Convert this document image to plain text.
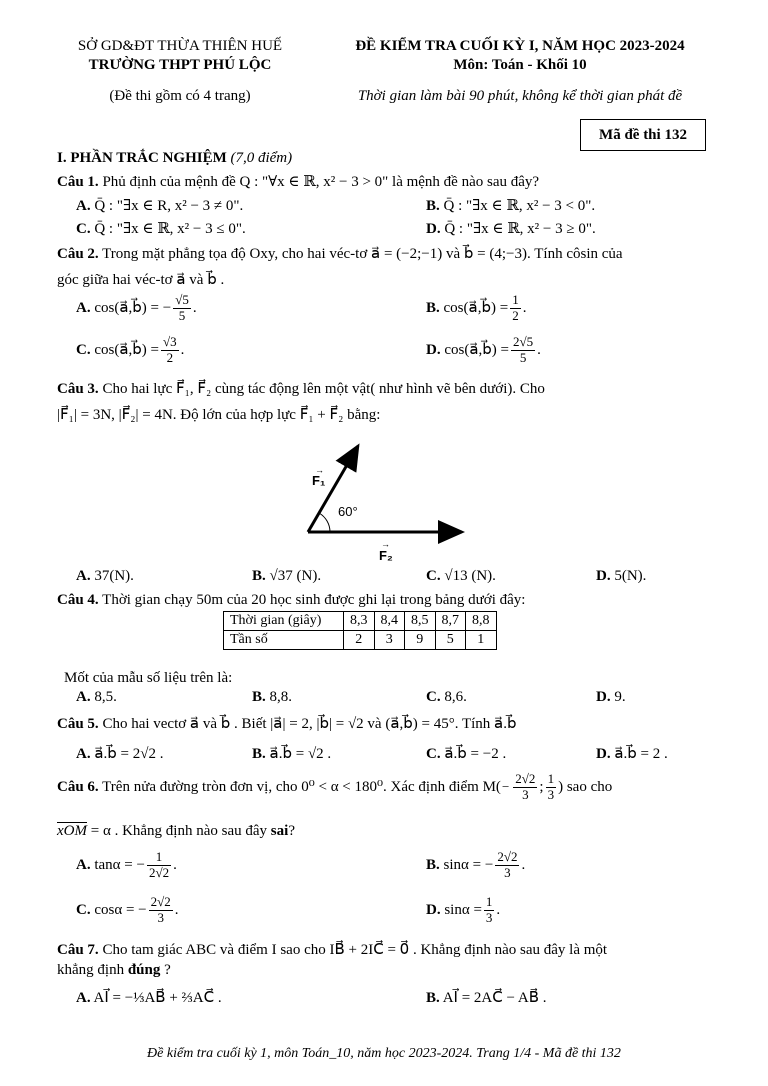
SỞ GD&ĐT THỪA THIÊN HUẾ
TRƯỜNG THPT PHÚ LỘC
(Đề thi gồm có 4 trang)
ĐỀ KIỂM TRA CUỐI KỲ I, NĂM HỌC 2023-2024
Môn: Toán - Khối 10
Thời gian làm bài 90 phút, không kể thời gian phát đề
Mã đề thi 132
I. PHẦN TRẮC NGHIỆM (7,0 điểm)
Câu 1. Phủ định của mệnh đề Q : "∀x ∈ ℝ, x² − 3 > 0" là mệnh đề nào sau đây?
A. Q̄ : "∃x ∈ R, x² − 3 ≠ 0".	B. Q̄ : "∃x ∈ ℝ, x² − 3 < 0".
C. Q̄ : "∃x ∈ ℝ, x² − 3 ≤ 0".	D. Q̄ : "∃x ∈ ℝ, x² − 3 ≥ 0".
Câu 2. Trong mặt phẳng tọa độ Oxy, cho hai véc-tơ a⃗ = (−2;−1) và b⃗ = (4;−3). Tính côsin của
góc giữa hai véc-tơ a⃗ và b⃗ .
A. cos(a⃗,b⃗) = − $\frac{√5}{5}$ .	B. cos(a⃗,b⃗) = $\frac{1}{2}$ .
C. cos(a⃗,b⃗) = $\frac{√3}{2}$ .	D. cos(a⃗,b⃗) = $\frac{2√5}{5}$ .
Câu 3. Cho hai lực F⃗₁, F⃗₂ cùng tác động lên một vật( như hình vẽ bên dưới). Cho
|F⃗₁| = 3N, |F⃗₂| = 4N. Độ lớn của hợp lực F⃗₁ + F⃗₂ bằng:
F₁
→
60°
F₂
→
A. 37(N).	B. √37 (N).	C. √13 (N).	D. 5(N).
Câu 4. Thời gian chạy 50m của 20 học sinh được ghi lại trong bảng dưới đây:
Thời gian (giây)	8,3	8,4	8,5	8,7	8,8
Tần số	2	3	9	5	1
Mốt của mẫu số liệu trên là:
A. 8,5.	B. 8,8.	C. 8,6.	D. 9.
Câu 5. Cho hai vectơ a⃗ và b⃗ . Biết |a⃗| = 2, |b⃗| = √2 và (a⃗,b⃗) = 45°. Tính a⃗.b⃗
A. a⃗.b⃗ = 2√2 .	B. a⃗.b⃗ = √2 .	C. a⃗.b⃗ = −2 .	D. a⃗.b⃗ = 2 .
Câu 6. Trên nửa đường tròn đơn vị, cho 0⁰ < α < 180⁰. Xác định điểm $M(- \frac{2√2}{3}$ ; $\frac{1}{3}$ ) sao cho
$\overline{xOM} = \alpha$ . Khẳng định nào sau đây sai?
A. tanα = − $\frac{1}{2√2}$ .	B. sinα = − $\frac{2√2}{3}$ .
C. cosα = − $\frac{2√2}{3}$ .	D. $\sin\alpha = \frac{1}{3}$ .
Câu 7. Cho tam giác ABC và điểm I sao cho IB⃗ + 2IC⃗ = 0⃗ . Khẳng định nào sau đây là một
khẳng định đúng ?
A. AI⃗ = −⅓AB⃗ + ⅔AC⃗ .	B. AI⃗ = 2AC⃗ − AB⃗ .
Đề kiểm tra cuối kỳ 1, môn Toán_10, năm học 2023-2024. Trang 1/4 - Mã đề thi 132
